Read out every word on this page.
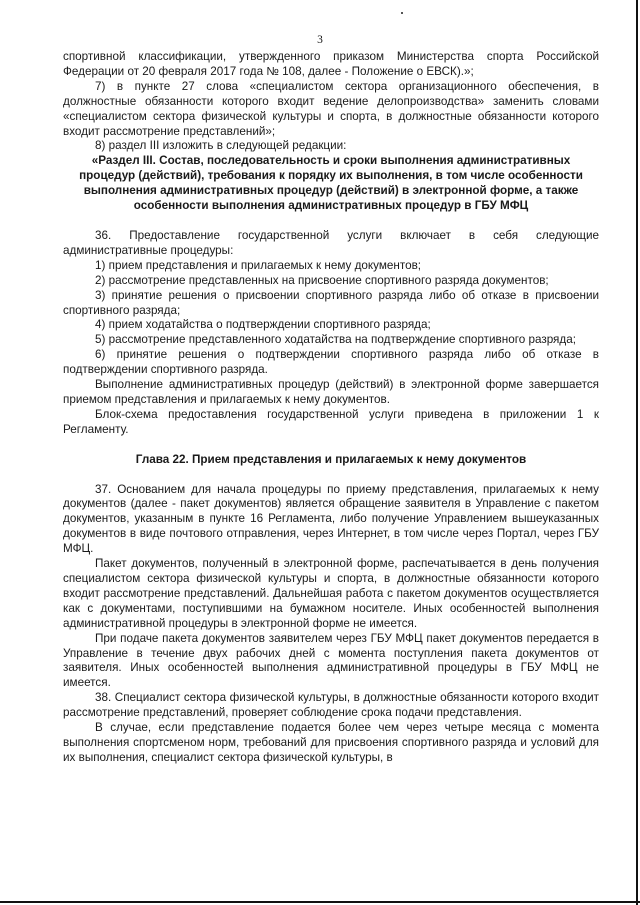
3

спортивной классификации, утвержденного приказом Министерства спорта Российской Федерации от 20 февраля 2017 года № 108, далее - Положение о ЕВСК).»;

7) в пункте 27 слова «специалистом сектора организационного обеспечения, в должностные обязанности которого входит ведение делопроизводства» заменить словами «специалистом сектора физической культуры и спорта, в должностные обязанности которого входит рассмотрение представлений»;

8) раздел III изложить в следующей редакции:

«Раздел III. Состав, последовательность и сроки выполнения административных процедур (действий), требования к порядку их выполнения, в том числе особенности выполнения административных процедур (действий) в электронной форме, а также особенности выполнения административных процедур в ГБУ МФЦ

36. Предоставление государственной услуги включает в себя следующие административные процедуры:

1) прием представления и прилагаемых к нему документов;

2) рассмотрение представленных на присвоение спортивного разряда документов;

3) принятие решения о присвоении спортивного разряда либо об отказе в присвоении спортивного разряда;

4) прием ходатайства о подтверждении спортивного разряда;

5) рассмотрение представленного ходатайства на подтверждение спортивного разряда;

6) принятие решения о подтверждении спортивного разряда либо об отказе в подтверждении спортивного разряда.

Выполнение административных процедур (действий) в электронной форме завершается приемом представления и прилагаемых к нему документов.

Блок-схема предоставления государственной услуги приведена в приложении 1 к Регламенту.

Глава 22. Прием представления и прилагаемых к нему документов

37. Основанием для начала процедуры по приему представления, прилагаемых к нему документов (далее - пакет документов) является обращение заявителя в Управление с пакетом документов, указанным в пункте 16 Регламента, либо получение Управлением вышеуказанных документов в виде почтового отправления, через Интернет, в том числе через Портал, через ГБУ МФЦ.

Пакет документов, полученный в электронной форме, распечатывается в день получения специалистом сектора физической культуры и спорта, в должностные обязанности которого входит рассмотрение представлений. Дальнейшая работа с пакетом документов осуществляется как с документами, поступившими на бумажном носителе. Иных особенностей выполнения административной процедуры в электронной форме не имеется.

При подаче пакета документов заявителем через ГБУ МФЦ пакет документов передается в Управление в течение двух рабочих дней с момента поступления пакета документов от заявителя. Иных особенностей выполнения административной процедуры в ГБУ МФЦ не имеется.

38. Специалист сектора физической культуры, в должностные обязанности которого входит рассмотрение представлений, проверяет соблюдение срока подачи представления.

В случае, если представление подается более чем через четыре месяца с момента выполнения спортсменом норм, требований для присвоения спортивного разряда и условий для их выполнения, специалист сектора физической культуры, в
